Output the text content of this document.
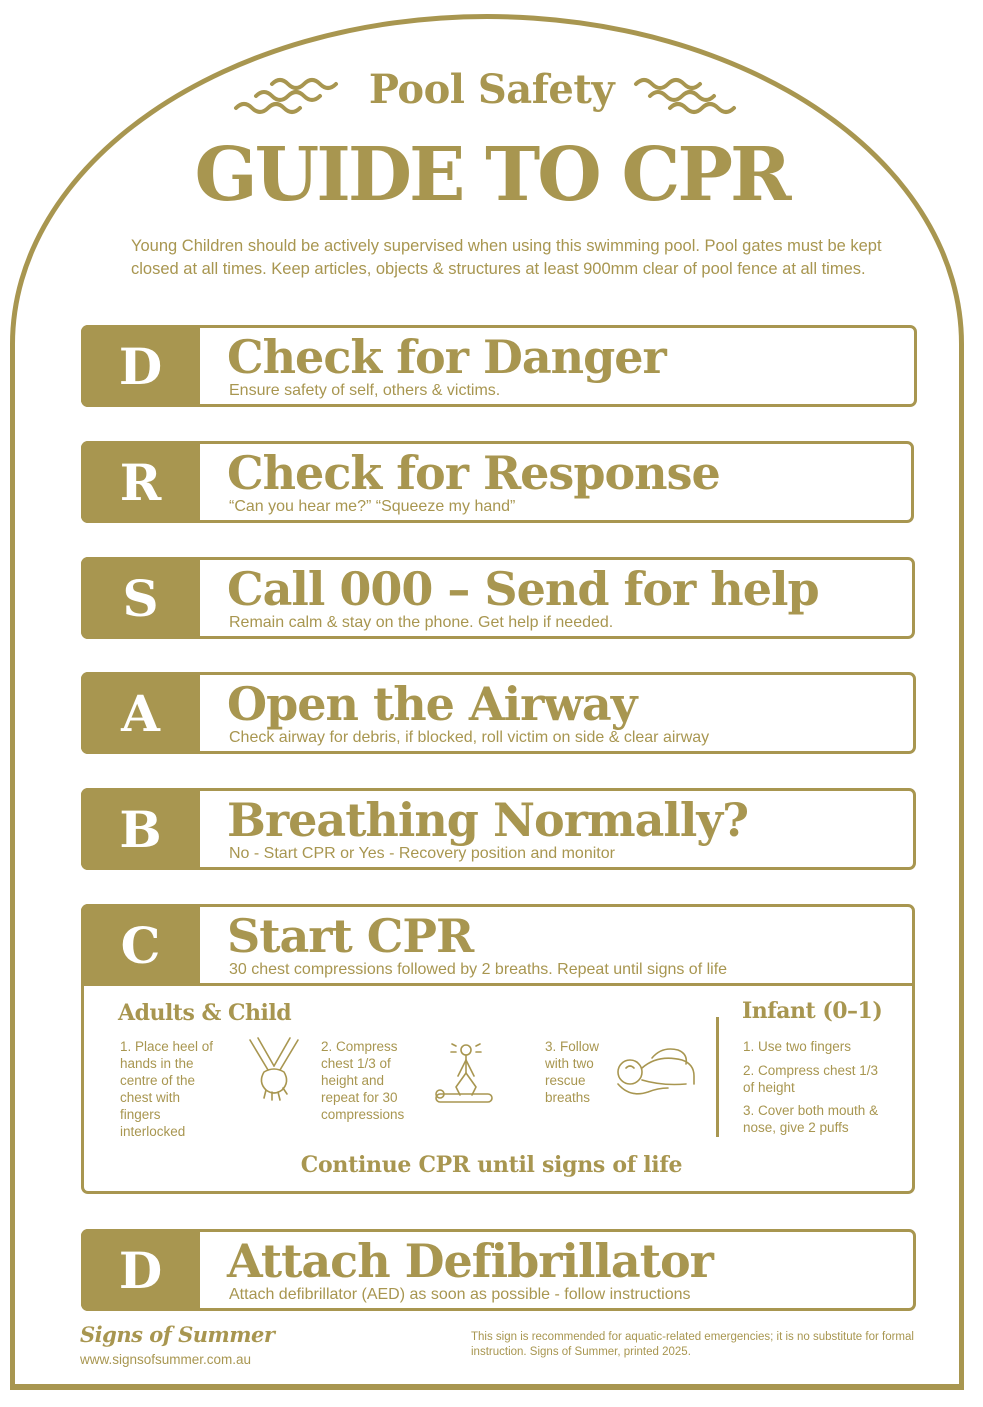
Pool Safety
GUIDE TO CPR
Young Children should be actively supervised when using this swimming pool. Pool gates must be kept closed at all times. Keep articles, objects & structures at least 900mm clear of pool fence at all times.
D	Check for Danger
Ensure safety of self, others & victims.
R	Check for Response
“Can you hear me?” “Squeeze my hand”
S	Call 000 – Send for help
Remain calm & stay on the phone. Get help if needed.
A	Open the Airway
Check airway for debris, if blocked, roll victim on side & clear airway
B	Breathing Normally?
No - Start CPR or Yes - Recovery position and monitor
C	Start CPR
30 chest compressions followed by 2 breaths. Repeat until signs of life
Adults & Child
1. Place heel of hands in the centre of the chest with fingers interlocked
2. Compress chest 1/3 of height and repeat for 30 compressions
3. Follow with two rescue breaths
Infant (0–1)
1. Use two fingers
2. Compress chest 1/3 of height
3. Cover both mouth & nose, give 2 puffs
Continue CPR until signs of life
D	Attach Defibrillator
Attach defibrillator (AED) as soon as possible - follow instructions
Signs of Summer
www.signsofsummer.com.au
This sign is recommended for aquatic-related emergencies; it is no substitute for formal instruction. Signs of Summer, printed 2025.
